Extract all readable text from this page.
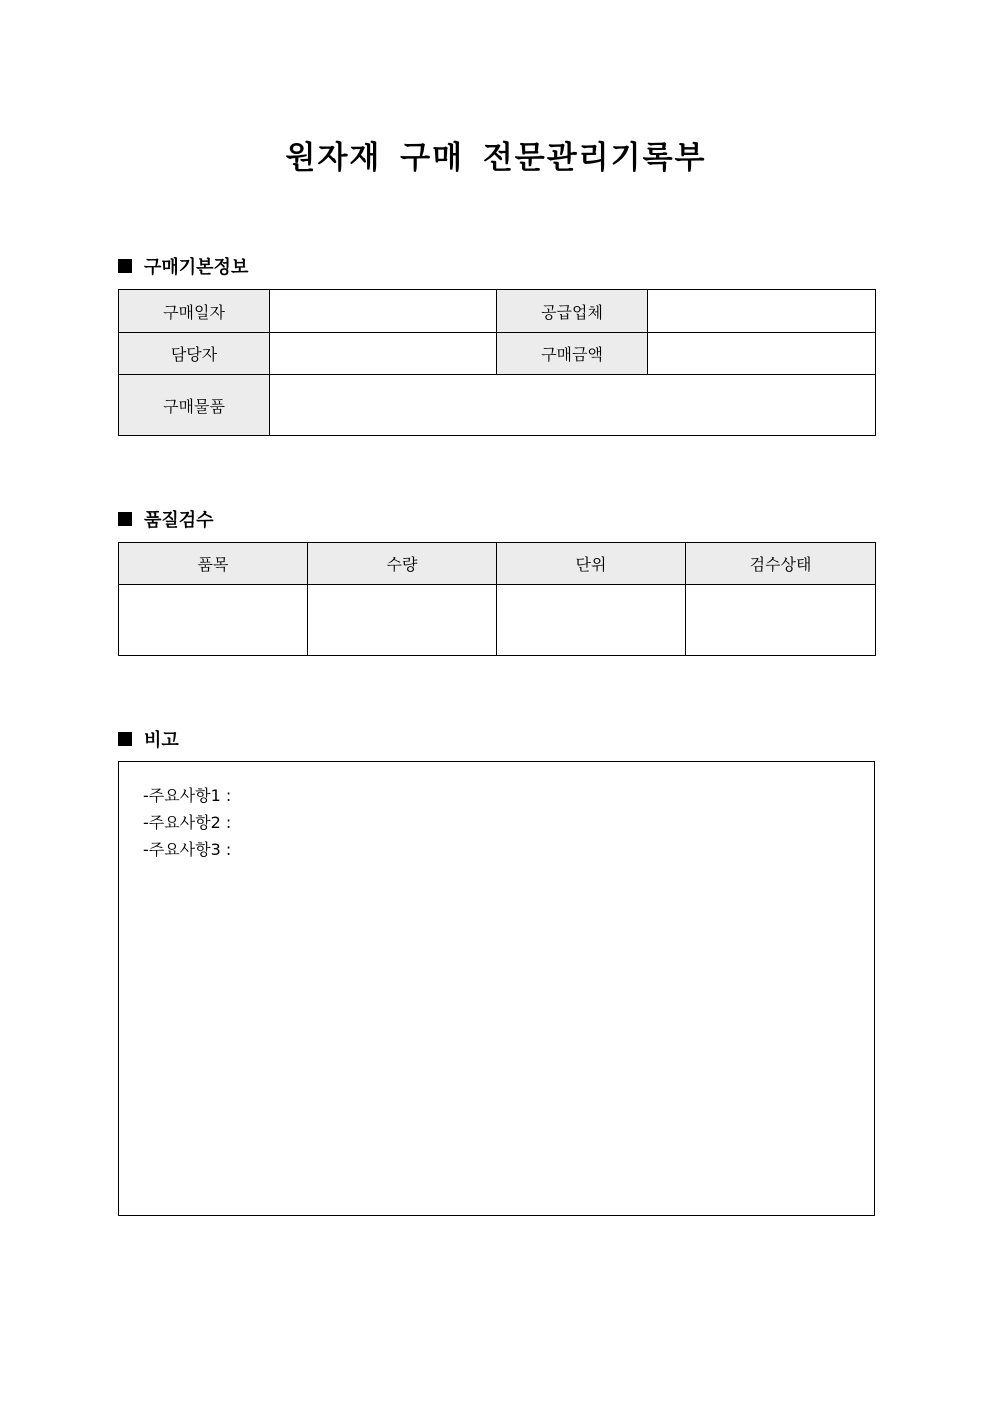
원자재 구매 전문관리기록부
구매기본정보
구매일자		공급업체	
담당자		구매금액	
구매물품			
품질검수
품목	수량	단위	검수상태

비고
-주요사항1 :
-주요사항2 :
-주요사항3 :
